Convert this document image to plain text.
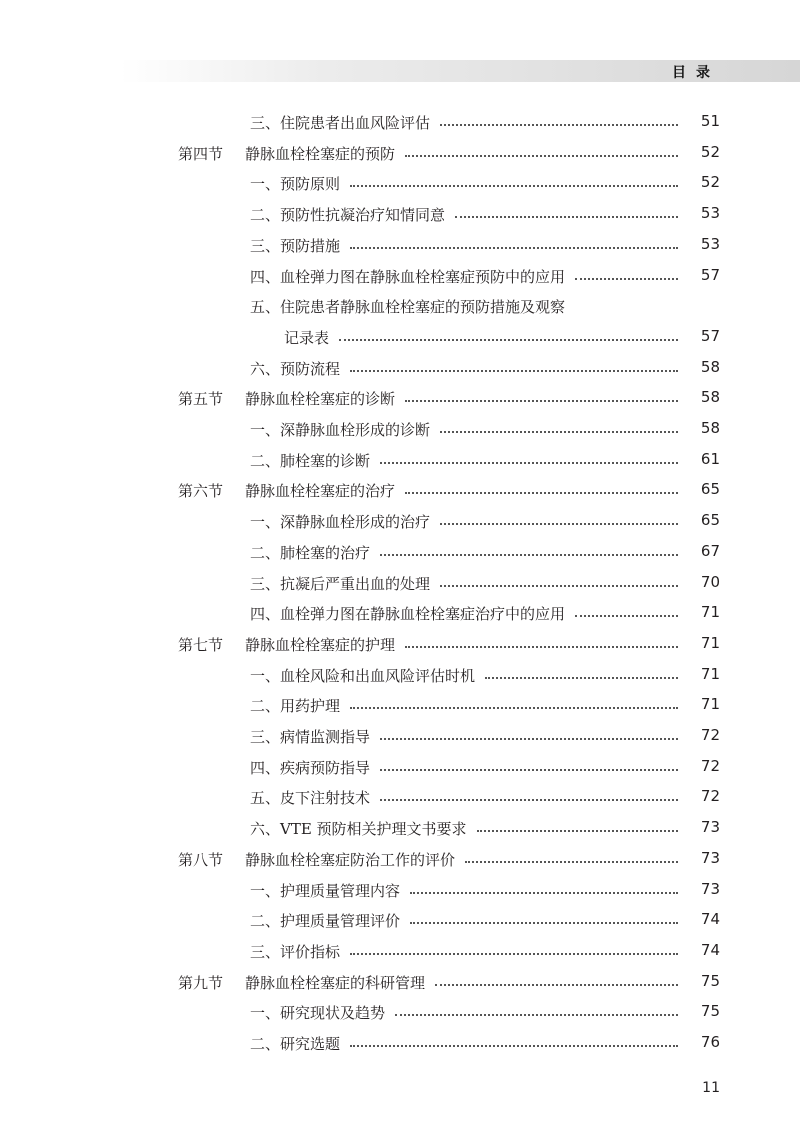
目录
三、住院患者出血风险评估	51
第四节 静脉血栓栓塞症的预防	52
一、预防原则	52
二、预防性抗凝治疗知情同意	53
三、预防措施	53
四、血栓弹力图在静脉血栓栓塞症预防中的应用	57
五、住院患者静脉血栓栓塞症的预防措施及观察
记录表	57
六、预防流程	58
第五节 静脉血栓栓塞症的诊断	58
一、深静脉血栓形成的诊断	58
二、肺栓塞的诊断	61
第六节 静脉血栓栓塞症的治疗	65
一、深静脉血栓形成的治疗	65
二、肺栓塞的治疗	67
三、抗凝后严重出血的处理	70
四、血栓弹力图在静脉血栓栓塞症治疗中的应用	71
第七节 静脉血栓栓塞症的护理	71
一、血栓风险和出血风险评估时机	71
二、用药护理	71
三、病情监测指导	72
四、疾病预防指导	72
五、皮下注射技术	72
六、VTE 预防相关护理文书要求	73
第八节 静脉血栓栓塞症防治工作的评价	73
一、护理质量管理内容	73
二、护理质量管理评价	74
三、评价指标	74
第九节 静脉血栓栓塞症的科研管理	75
一、研究现状及趋势	75
二、研究选题	76
11
